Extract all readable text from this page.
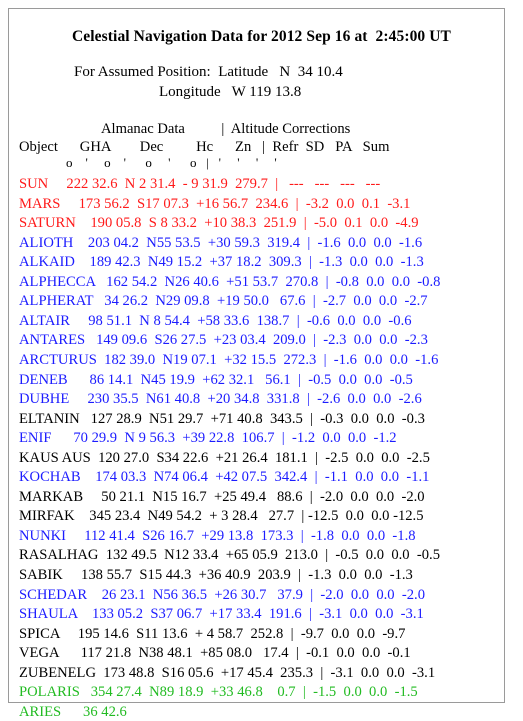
Celestial Navigation Data for 2012 Sep 16 at  2:45:00 UT
For Assumed Position:  Latitude   N  34 10.4
Longitude   W 119 13.8
Almanac Data          |  Altitude Corrections
Object      GHA        Dec         Hc      Zn   |  Refr  SD   PA   Sum
o    '     o    '      o     '      o   |   '     '     '     '
SUN     222 32.6  N 2 31.4  - 9 31.9  279.7  |   ---   ---   ---   ---
MARS     173 56.2  S17 07.3  +16 56.7  234.6  |  -3.2  0.0  0.1  -3.1
SATURN    190 05.8  S 8 33.2  +10 38.3  251.9  |  -5.0  0.1  0.0  -4.9
ALIOTH    203 04.2  N55 53.5  +30 59.3  319.4  |  -1.6  0.0  0.0  -1.6
ALKAID    189 42.3  N49 15.2  +37 18.2  309.3  |  -1.3  0.0  0.0  -1.3
ALPHECCA   162 54.2  N26 40.6  +51 53.7  270.8  |  -0.8  0.0  0.0  -0.8
ALPHERAT   34 26.2  N29 09.8  +19 50.0   67.6  |  -2.7  0.0  0.0  -2.7
ALTAIR     98 51.1  N 8 54.4  +58 33.6  138.7  |  -0.6  0.0  0.0  -0.6
ANTARES   149 09.6  S26 27.5  +23 03.4  209.0  |  -2.3  0.0  0.0  -2.3
ARCTURUS  182 39.0  N19 07.1  +32 15.5  272.3  |  -1.6  0.0  0.0  -1.6
DENEB      86 14.1  N45 19.9  +62 32.1   56.1  |  -0.5  0.0  0.0  -0.5
DUBHE     230 35.5  N61 40.8  +20 34.8  331.8  |  -2.6  0.0  0.0  -2.6
ELTANIN   127 28.9  N51 29.7  +71 40.8  343.5  |  -0.3  0.0  0.0  -0.3
ENIF      70 29.9  N 9 56.3  +39 22.8  106.7  |  -1.2  0.0  0.0  -1.2
KAUS AUS  120 27.0  S34 22.6  +21 26.4  181.1  |  -2.5  0.0  0.0  -2.5
KOCHAB    174 03.3  N74 06.4  +42 07.5  342.4  |  -1.1  0.0  0.0  -1.1
MARKAB     50 21.1  N15 16.7  +25 49.4   88.6  |  -2.0  0.0  0.0  -2.0
MIRFAK    345 23.4  N49 54.2  + 3 28.4   27.7  | -12.5  0.0  0.0 -12.5
NUNKI     112 41.4  S26 16.7  +29 13.8  173.3  |  -1.8  0.0  0.0  -1.8
RASALHAG  132 49.5  N12 33.4  +65 05.9  213.0  |  -0.5  0.0  0.0  -0.5
SABIK     138 55.7  S15 44.3  +36 40.9  203.9  |  -1.3  0.0  0.0  -1.3
SCHEDAR    26 23.1  N56 36.5  +26 30.7   37.9  |  -2.0  0.0  0.0  -2.0
SHAULA    133 05.2  S37 06.7  +17 33.4  191.6  |  -3.1  0.0  0.0  -3.1
SPICA     195 14.6  S11 13.6  + 4 58.7  252.8  |  -9.7  0.0  0.0  -9.7
VEGA      117 21.8  N38 48.1  +85 08.0   17.4  |  -0.1  0.0  0.0  -0.1
ZUBENELG  173 48.8  S16 05.6  +17 45.4  235.3  |  -3.1  0.0  0.0  -3.1
POLARIS   354 27.4  N89 18.9  +33 46.8    0.7  |  -1.5  0.0  0.0  -1.5
ARIES      36 42.6
